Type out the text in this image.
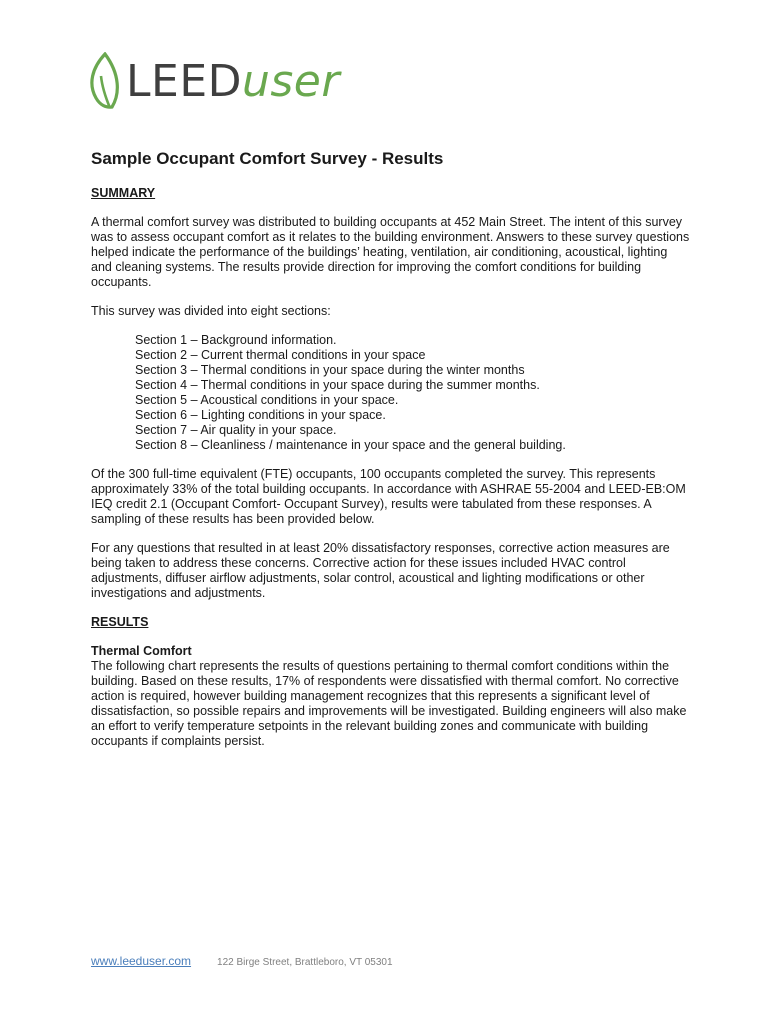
LEEDuser
Sample Occupant Comfort Survey - Results
SUMMARY

A thermal comfort survey was distributed to building occupants at 452 Main Street. The intent of this survey was to assess occupant comfort as it relates to the building environment. Answers to these survey questions helped indicate the performance of the buildings’ heating, ventilation, air conditioning, acoustical, lighting and cleaning systems. The results provide direction for improving the comfort conditions for building occupants.

This survey was divided into eight sections:

Section 1 – Background information.
Section 2 – Current thermal conditions in your space
Section 3 – Thermal conditions in your space during the winter months
Section 4 – Thermal conditions in your space during the summer months.
Section 5 – Acoustical conditions in your space.
Section 6 – Lighting conditions in your space.
Section 7 – Air quality in your space.
Section 8 – Cleanliness / maintenance in your space and the general building.

Of the 300 full-time equivalent (FTE) occupants, 100 occupants completed the survey. This represents approximately 33% of the total building occupants. In accordance with ASHRAE 55-2004 and LEED-EB:OM IEQ credit 2.1 (Occupant Comfort- Occupant Survey), results were tabulated from these responses. A sampling of these results has been provided below.

For any questions that resulted in at least 20% dissatisfactory responses, corrective action measures are being taken to address these concerns. Corrective action for these issues included HVAC control adjustments, diffuser airflow adjustments, solar control, acoustical and lighting modifications or other investigations and adjustments.

RESULTS
Thermal Comfort

The following chart represents the results of questions pertaining to thermal comfort conditions within the building. Based on these results, 17% of respondents were dissatisfied with thermal comfort. No corrective action is required, however building management recognizes that this represents a significant level of dissatisfaction, so possible repairs and improvements will be investigated. Building engineers will also make an effort to verify temperature setpoints in the relevant building zones and communicate with building occupants if complaints persist.

www.leeduser.com	122 Birge Street, Brattleboro, VT 05301
